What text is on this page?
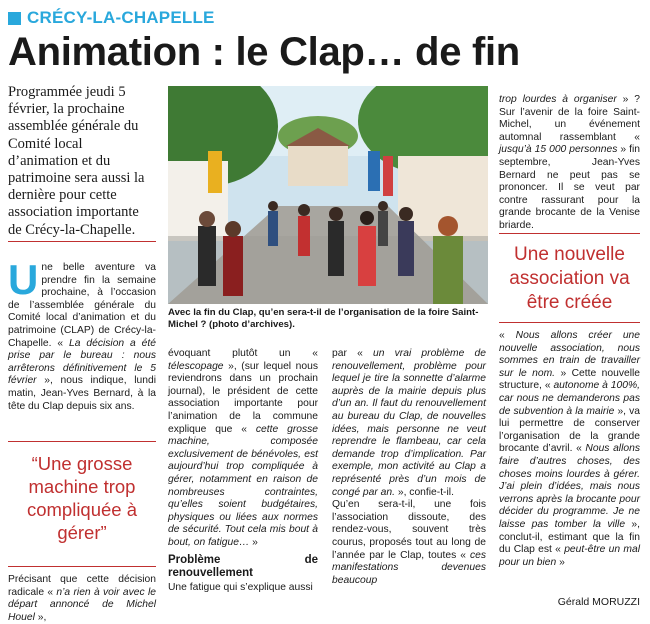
CRÉCY-LA-CHAPELLE
Animation : le Clap… de fin
Programmée jeudi 5 février, la prochaine assemblée générale du Comité local d’animation et du patrimoine sera aussi la dernière pour cette association importante de Crécy-la-Chapelle.

U ne belle aventure va prendre fin la semaine prochaine, à l’occasion de l’assemblée générale du Comité local d’animation et du patrimoine (CLAP) de Crécy-la-Chapelle. « La décision a été prise par le bureau : nous arrêterons définitivement le 5 février », nous indique, lundi matin, Jean-Yves Bernard, à la tête du Clap depuis six ans.

“Une grosse machine trop compliquée à gérer”

Précisant que cette décision radicale « n’a rien à voir avec le départ annoncé de Michel Houel »,

Avec la fin du Clap, qu’en sera-t-il de l’organisation de la foire Saint-Michel ? (photo d’archives).

évoquant plutôt un « télescopage », (sur lequel nous reviendrons dans un prochain journal), le président de cette association importante pour l’animation de la commune explique que « cette grosse machine, composée exclusivement de bénévoles, est aujourd’hui trop compliquée à gérer, notamment en raison de nombreuses contraintes, qu’elles soient budgétaires, physiques ou liées aux normes de sécurité. Tout cela mis bout à bout, on fatigue… »

Problème de renouvellement

Une fatigue qui s’explique aussi

par « un vrai problème de renouvellement, problème pour lequel je tire la sonnette d’alarme auprès de la mairie depuis plus d’un an. Il faut du renouvellement au bureau du Clap, de nouvelles idées, mais personne ne veut reprendre le flambeau, car cela demande trop d’implication. Par exemple, mon activité au Clap a représenté près d’un mois de congé par an. », confie-t-il.

Qu’en sera-t-il, une fois l’association dissoute, des rendez-vous, souvent très courus, proposés tout au long de l’année par le Clap, toutes « ces manifestations devenues beaucoup

trop lourdes à organiser » ? Sur l’avenir de la foire Saint-Michel, un événement automnal rassemblant « jusqu’à 15 000 personnes » fin septembre, Jean-Yves Bernard ne peut pas se prononcer. Il se veut par contre rassurant pour la grande brocante de la Venise briarde.

Une nouvelle association va être créée

« Nous allons créer une nouvelle association, nous sommes en train de travailler sur le nom. » Cette nouvelle structure, « autonome à 100%, car nous ne demanderons pas de subvention à la mairie », va lui permettre de conserver l’organisation de la grande brocante d’avril. « Nous allons faire d’autres choses, des choses moins lourdes à gérer. J’ai plein d’idées, mais nous verrons après la brocante pour décider du programme. Je ne laisse pas tomber la ville », conclut-il, estimant que la fin du Clap est « peut-être un mal pour un bien »

Gérald MORUZZI
